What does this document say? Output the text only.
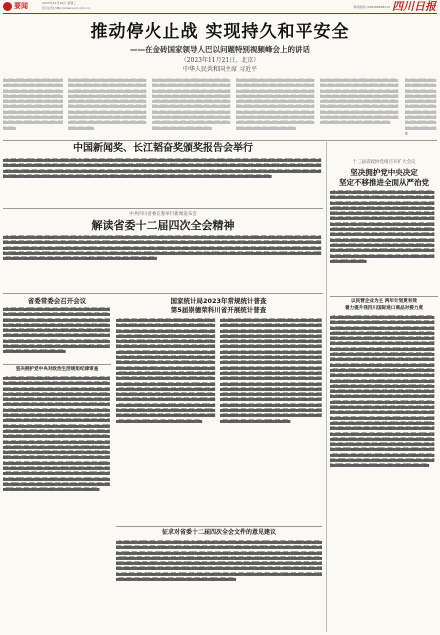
要闻	2023年11月22日 星期三
四川在线 http://www.scol.com.cn	新闻热线:(028)86968110 四川日报
推动停火止战 实现持久和平安全
——在金砖国家领导人巴以问题特别视频峰会上的讲话
（2023年11月21日，北京）
中华人民共和国主席 习近平
▇▆▇▇▆▇▇▇▆▇▇▆▇▇▆▇▇▇▆▇▇▆▇▆▇▇▆▇▇▆▇▇▆▇▇▆▇▇▇▆▇▇▆▇▇▆▇▇▆▇▇▇▆▇▇▆▇▇▆▇▇▆▇▇▇▆▇▇▆▇▇▆▇▇▆▇▇▇▆▇▇▆▇▇▆▇▇▆▇▇▇▆▇▇▆▇▇▆▇▇▆▇▇▇▆▇▇▆▇▇▆▇▇▆▇▇▇▆▇▇▆▇▇▆▇▇▆▇▇▇▆▇▇▆▇▇▆▇▇▆▇▇▇▆▇▇▆▇▇▆▇▇▆▇▇▇▆▇▇▆▇▇▆▇▇▆▇▇▇▆▇▇▆▇▇▆▇▇▆▇▇▇▆▇▇▆▇▇▆▇▇▆▇▇▇▆▇▇▆▇▇▆▇▇▆▇▇▇▆▇▇▆
▇▆▇▇▆▇▇▇▆▇▇▆▇▇▆▇▇▇▆▇▇▆▇▆▇▇▆▇▇▆▇▇▆▇▇▆▇▇▇▆▇▇▆▇▇▆▇▇▆▇▇▇▆▇▇▆▇▇▆▇▇▆▇▇▇▆▇▇▆▇▇▆▇▇▆▇▇▇▆▇▇▆▇▇▆▇▇▆▇▇▇▆▇▇▆▇▇▆▇▇▆▇▇▇▆▇▇▆▇▇▆▇▇▆▇▇▇▆▇▇▆▇▇▆▇▇▆▇▇▇▆▇▇▆▇▇▆▇▇▆▇▇▇▆▇▇▆▇▇▆▇▇▆▇▇▇▆▇▇▆▇▇▆▇▇▆▇▇▇▆▇▇▆▇▇▆▇▇▆▇▇▇▆▇▇▆▇▇▆▇▇▆▇▇▇▆▇▇▆▇▇▆▇▇▆▇▇▇▆▇▇▆▇▇▆▇▇▆▇▇▇▆▇▇▆▇▇▆▇▇▆▇▇▇▆▇▇▆▇▇▆▇▇▆▇▇▇▆▇▇▆▇▇▆▇▇▆▇▇▇▆▇▇▆▇▇▆▇▇▆▇▇▇▆▇▇▆▇▇▆
▇▆▇▇▆▇▇▇▆▇▇▆▇▇▆▇▇▇▆▇▇▆▇▆▇▇▆▇▇▆▇▇▆▇▇▆▇▇▇▆▇▇▆▇▇▆▇▇▆▇▇▇▆▇▇▆▇▇▆▇▇▆▇▇▇▆▇▇▆▇▇▆▇▇▆▇▇▇▆▇▇▆▇▇▆▇▇▆▇▇▇▆▇▇▆▇▇▆▇▇▆▇▇▇▆▇▇▆▇▇▆▇▇▆▇▇▇▆▇▇▆▇▇▆▇▇▆▇▇▇▆▇▇▆▇▇▆▇▇▆▇▇▇▆▇▇▆▇▇▆▇▇▆▇▇▇▆▇▇▆▇▇▆▇▇▆▇▇▇▆▇▇▆▇▇▆▇▇▆▇▇▇▆▇▇▆▇▇▆▇▇▆▇▇▇▆▇▇▆▇▇▆▇▇▆▇▇▇▆▇▇▆▇▇▆▇▇▆▇▇▇▆▇▇▆▇▇▆▇▇▆▇▇▇▆▇▇▆▇▇▆▇▇▆▇▇▇▆▇▇▆▇▇▆▇▇▆▇▇▇▆▇▇▆▇▇▆▇▇▆▇▇▇▆▇▇▆▇▇▆▇▇▆▇▇▇▆▇▇▆▇▇▆
▇▆▇▇▆▇▇▇▆▇▇▆▇▇▆▇▇▇▆▇▇▆▇▆▇▇▆▇▇▆▇▇▆▇▇▆▇▇▇▆▇▇▆▇▇▆▇▇▆▇▇▇▆▇▇▆▇▇▆▇▇▆▇▇▇▆▇▇▆▇▇▆▇▇▆▇▇▇▆▇▇▆▇▇▆▇▇▆▇▇▇▆▇▇▆▇▇▆▇▇▆▇▇▇▆▇▇▆▇▇▆▇▇▆▇▇▇▆▇▇▆▇▇▆▇▇▆▇▇▇▆▇▇▆▇▇▆▇▇▆▇▇▇▆▇▇▆▇▇▆▇▇▆▇▇▇▆▇▇▆▇▇▆▇▇▆▇▇▇▆▇▇▆▇▇▆▇▇▆▇▇▇▆▇▇▆▇▇▆▇▇▆▇▇▇▆▇▇▆▇▇▆▇▇▆▇▇▇▆▇▇▆▇▇▆▇▇▆▇▇▇▆▇▇▆▇▇▆▇▇▆▇▇▇▆▇▇▆▇▇▆▇▇▆▇▇▇▆▇▇▆▇▇▆▇▇▆▇▇▇▆▇▇▆▇▇▆▇▇▆▇▇▇▆▇▇▆▇▇▆▇▇▆▇▇▇▆▇▇▆▇▇▆
▇▆▇▇▆▇▇▇▆▇▇▆▇▇▆▇▇▇▆▇▇▆▇▆▇▇▆▇▇▆▇▇▆▇▇▆▇▇▇▆▇▇▆▇▇▆▇▇▆▇▇▇▆▇▇▆▇▇▆▇▇▆▇▇▇▆▇▇▆▇▇▆▇▇▆▇▇▇▆▇▇▆▇▇▆▇▇▆▇▇▇▆▇▇▆▇▇▆▇▇▆▇▇▇▆▇▇▆▇▇▆▇▇▆▇▇▇▆▇▇▆▇▇▆▇▇▆▇▇▇▆▇▇▆▇▇▆▇▇▆▇▇▇▆▇▇▆▇▇▆▇▇▆▇▇▇▆▇▇▆▇▇▆▇▇▆▇▇▇▆▇▇▆▇▇▆▇▇▆▇▇▇▆▇▇▆▇▇▆▇▇▆▇▇▇▆▇▇▆▇▇▆▇▇▆▇▇▇▆▇▇▆▇▇▆▇▇▆▇▇▇▆▇▇▆▇▇▆▇▇▆▇▇▇▆▇▇▆▇▇▆▇▇▆▇▇▇▆▇▇▆▇▇▆▇▇▆▇▇▇▆▇▇▆▇▇▆
▇▆▇▇▆▇▇▇▆▇▇▆▇▇▆▇▇▇▆▇▇▆▇▆▇▇▆▇▇▆▇▇▆▇▇▆▇▇▇▆▇▇▆▇▇▆▇▇▆▇▇▇▆▇▇▆▇▇▆▇▇▆▇▇▇▆▇▇▆▇▇▆▇▇▆▇▇▇▆▇▇▆▇▇▆▇▇▆▇▇▇▆▇▇▆▇▇▆▇▇▆▇▇▇▆▇▇▆▇▇▆▇▇▆▇▇▇▆▇▇▆
中国新闻奖、长江韬奋奖颁奖报告会举行
▆▇▆▇▇▆▇▇▆▇▇▇▆▇▇▆▇▇▆▇▇▆▇▇▇▆▇▇▆▇▆▇▇▆▇▇▆▇▇▆▇▇▆▇▇▇▆▇▇▆▇▇▆▇▇▆▇▇▇▆▇▇▆▇▇▆▇▇▆▇▇▇▆▇▇▆▇▇▆▇▇▆▇▇▇▆▇▇▆▇▇▆▇▇▆▇▇▇▆▇▇▆▇▇▆▇▇▆▇▇▇▆▇▇▆▇▇▆▇▇▆▇▇▇▆▇▇▆▇▇▆▇▇▆▇▇▇▆▇▇▆▇▇▆▇▇▆▇▇▇▆▇▇▆▇▇▆▇▇▆▇▇▇▆▇▇▆▇▇▆▇▇▆▇▇▇▆▇▇▆▇▇▆▇▇▆▇▇▇▆▇▇▆▇▇▆▇▇▆▇▇▇▆▇▇▆▇▇▆▇▇▆▇▇▇▆▇▇▆▇▇▆▇▇▆▇▇▇▆▇▇▆▇▇▆▇▇▆▇▇▇▆▇▇▆▇▇▆▇▇▆▇▇▇▆▇▇▆▇▇▆▇▇▆▇▇▇▆▇▇▆▇▇▆▇▇▆▇▇▇▆▇▇▆▇▇▆▇▇▆▇▇▇▆▇▇▆▇▇▆▇▇▆▇▇▇▆▇▇▆▇▇▆▇▇▆▇▇▇▆▇▇▆▇▇▆▇▇▆▇▇▇▆▇▇▆▇▇▆▇▇▆▇▇▇▆▇▇▆▇▇▆▇▇▆▇▇▇▆▇▇▆▇▇▆▇▇▆▇▇▇▆▇▇▆▇▇▆▇▇▆▇▇▇▆▇▇▆▇▇▆▇▇▆▇▇▇▆▇▇▆▇▇▆▇▇▆▇▇▇▆▇▇▆▇▇▆▇▇▆▇▇▇▆▇▇▆▇▇▆▇▇▆▇▇▇▆▇▇▆▇▇▆▇▇▆▇▇▇▆▇▇▆▇▇▆▇▇▆▇▇▇▆▇▇▆▇▇▆
中共四川省委在蓉举行新闻发布会
解读省委十二届四次全会精神
▆▇▆▇▇▆▇▇▆▇▇▇▆▇▇▆▇▇▆▇▇▆▇▇▇▆▇▇▆▇▆▇▇▆▇▇▆▇▇▆▇▇▆▇▇▇▆▇▇▆▇▇▆▇▇▆▇▇▇▆▇▇▆▇▇▆▇▇▆▇▇▇▆▇▇▆▇▇▆▇▇▆▇▇▇▆▇▇▆▇▇▆▇▇▆▇▇▇▆▇▇▆▇▇▆▇▇▆▇▇▇▆▇▇▆▇▇▆▇▇▆▇▇▇▆▇▇▆▇▇▆▇▇▆▇▇▇▆▇▇▆▇▇▆▇▇▆▇▇▇▆▇▇▆▇▇▆▇▇▆▇▇▇▆▇▇▆▇▇▆▇▇▆▇▇▇▆▇▇▆▇▇▆▇▇▆▇▇▇▆▇▇▆▇▇▆▇▇▆▇▇▇▆▇▇▆▇▇▆▇▇▆▇▇▇▆▇▇▆▇▇▆▇▇▆▇▇▇▆▇▇▆▇▇▆▇▇▆▇▇▇▆▇▇▆▇▇▆▇▇▆▇▇▇▆▇▇▆▇▇▆▇▇▆▇▇▇▆▇▇▆▇▇▆▇▇▆▇▇▇▆▇▇▆▇▇▆▇▇▆▇▇▇▆▇▇▆▇▇▆▇▇▆▇▇▇▆▇▇▆▇▇▆▇▇▆▇▇▇▆▇▇▆▇▇▆▇▇▆▇▇▇▆▇▇▆▇▇▆▇▇▆▇▇▇▆▇▇▆▇▇▆▇▇▆▇▇▇▆▇▇▆▇▇▆▇▇▆▇▇▇▆▇▇▆▇▇▆▇▇▆▇▇▇▆▇▇▆▇▇▆▇▇▆▇▇▇▆▇▇▆▇▇▆▇▇▆▇▇▇▆▇▇▆▇▇▆▇▇▆▇▇▇▆▇▇▆▇▇▆▇▇▆▇▇▇▆▇▇▆▇▇▆▇▇▆▇▇▇▆▇▇▆▇▇▆▇▇▆▇▇▇▆▇▇▆▇▇▆▇▇▆▇▇▇▆▇▇▆▇▇▆▇▇▆▇▇▇▆▇▇▆▇▇▆▇▇▆▇▇▇▆▇▇▆▇▇▆▇▇▆▇▇▇▆▇▇▆▇▇▆▇▇▆▇▇▇▆▇▇▆▇▇▆▇▇▆▇▇▇▆▇▇▆▇▇▆
十三届省政协党组召开扩大会议
坚决拥护党中央决定
坚定不移推进全面从严治党
▆▇▆▇▇▆▇▇▆▇▇▇▆▇▇▆▇▇▆▇▇▆▇▇▇▆▇▇▆▇▆▇▇▆▇▇▆▇▇▆▇▇▆▇▇▇▆▇▇▆▇▇▆▇▇▆▇▇▇▆▇▇▆▇▇▆▇▇▆▇▇▇▆▇▇▆▇▇▆▇▇▆▇▇▇▆▇▇▆▇▇▆▇▇▆▇▇▇▆▇▇▆▇▇▆▇▇▆▇▇▇▆▇▇▆▇▇▆▇▇▆▇▇▇▆▇▇▆▇▇▆▇▇▆▇▇▇▆▇▇▆▇▇▆▇▇▆▇▇▇▆▇▇▆▇▇▆▇▇▆▇▇▇▆▇▇▆▇▇▆▇▇▆▇▇▇▆▇▇▆▇▇▆▇▇▆▇▇▇▆▇▇▆▇▇▆▇▇▆▇▇▇▆▇▇▆▇▇▆▇▇▆▇▇▇▆▇▇▆▇▇▆▇▇▆▇▇▇▆▇▇▆▇▇▆▇▇▆▇▇▇▆▇▇▆▇▇▆▇▇▆▇▇▇▆▇▇▆▇▇▆▇▇▆▇▇▇▆▇▇▆▇▇▆▇▇▆▇▇▇▆▇▇▆▇▇▆▇▇▆▇▇▇▆▇▇▆▇▇▆▇▇▆▇▇▇▆▇▇▆▇▇▆▇▇▆▇▇▇▆▇▇▆▇▇▆▇▇▆▇▇▇▆▇▇▆▇▇▆▇▇▆▇▇▇▆▇▇▆▇▇▆▇▇▆▇▇▇▆▇▇▆▇▇▆▇▇▆▇▇▇▆▇▇▆▇▇▆▇▇▆▇▇▇▆▇▇▆▇▇▆▇▇▆▇▇▇▆▇▇▆▇▇▆▇▇▆▇▇▇▆▇▇▆▇▇▆▇▇▆▇▇▇▆▇▇▆▇▇▆▇▇▆▇▇▇▆▇▇▆▇▇▆▇▇▆▇▇▇▆▇▇▆▇▇▆▇▇▆▇▇▇▆▇▇▆▇▇▆▇▇▆▇▇▇▆▇▇▆▇▇▆▇▇▆▇▇▇▆▇▇▆▇▇▆▇▇▆▇▇▇▆▇▇▆▇▇▆▇▇▆▇▇▇▆▇▇▆▇▇▆▇▇▆▇▇▇▆▇▇▆▇▇▆
省委常委会召开会议
▆▇▆▇▇▆▇▇▆▇▇▇▆▇▇▆▇▇▆▇▇▆▇▇▇▆▇▇▆▇▆▇▇▆▇▇▆▇▇▆▇▇▆▇▇▇▆▇▇▆▇▇▆▇▇▆▇▇▇▆▇▇▆▇▇▆▇▇▆▇▇▇▆▇▇▆▇▇▆▇▇▆▇▇▇▆▇▇▆▇▇▆▇▇▆▇▇▇▆▇▇▆▇▇▆▇▇▆▇▇▇▆▇▇▆▇▇▆▇▇▆▇▇▇▆▇▇▆▇▇▆▇▇▆▇▇▇▆▇▇▆▇▇▆▇▇▆▇▇▇▆▇▇▆▇▇▆▇▇▆▇▇▇▆▇▇▆▇▇▆▇▇▆▇▇▇▆▇▇▆▇▇▆▇▇▆▇▇▇▆▇▇▆▇▇▆▇▇▆▇▇▇▆▇▇▆▇▇▆▇▇▆▇▇▇▆▇▇▆▇▇▆▇▇▆▇▇▇▆▇▇▆▇▇▆▇▇▆▇▇▇▆▇▇▆▇▇▆▇▇▆▇▇▇▆▇▇▆▇▇▆▇▇▆▇▇▇▆▇▇▆▇▇▆▇▇▆▇▇▇▆▇▇▆▇▇▆▇▇▆▇▇▇▆▇▇▆▇▇▆▇▇▆▇▇▇▆▇▇▆▇▇▆▇▇▆▇▇▇▆▇▇▆▇▇▆▇▇▆▇▇▇▆▇▇▆▇▇▆▇▇▆▇▇▇▆▇▇▆▇▇▆
国家统计局2023年常规统计普查
第5届崇德荣科川省开展统计普查
▆▇▆▇▇▆▇▇▆▇▇▇▆▇▇▆▇▇▆▇▇▆▇▇▇▆▇▇▆▇▆▇▇▆▇▇▆▇▇▆▇▇▆▇▇▇▆▇▇▆▇▇▆▇▇▆▇▇▇▆▇▇▆▇▇▆▇▇▆▇▇▇▆▇▇▆▇▇▆▇▇▆▇▇▇▆▇▇▆▇▇▆▇▇▆▇▇▇▆▇▇▆▇▇▆▇▇▆▇▇▇▆▇▇▆▇▇▆▇▇▆▇▇▇▆▇▇▆▇▇▆▇▇▆▇▇▇▆▇▇▆▇▇▆▇▇▆▇▇▇▆▇▇▆▇▇▆▇▇▆▇▇▇▆▇▇▆▇▇▆▇▇▆▇▇▇▆▇▇▆▇▇▆▇▇▆▇▇▇▆▇▇▆▇▇▆▇▇▆▇▇▇▆▇▇▆▇▇▆▇▇▆▇▇▇▆▇▇▆▇▇▆▇▇▆▇▇▇▆▇▇▆▇▇▆▇▇▆▇▇▇▆▇▇▆▇▇▆▇▇▆▇▇▇▆▇▇▆▇▇▆▇▇▆▇▇▇▆▇▇▆▇▇▆▇▇▆▇▇▇▆▇▇▆▇▇▆▇▇▆▇▇▇▆▇▇▆▇▇▆▇▇▆▇▇▇▆▇▇▆▇▇▆▇▇▆▇▇▇▆▇▇▆▇▇▆▇▇▆▇▇▇▆▇▇▆▇▇▆▇▇▆▇▇▇▆▇▇▆▇▇▆▇▇▆▇▇▇▆▇▇▆▇▇▆▇▇▆▇▇▇▆▇▇▆▇▇▆▇▇▆▇▇▇▆▇▇▆▇▇▆▇▇▆▇▇▇▆▇▇▆▇▇▆▇▇▆▇▇▇▆▇▇▆▇▇▆▇▇▆▇▇▇▆▇▇▆▇▇▆▇▇▆▇▇▇▆▇▇▆▇▇▆▇▇▆▇▇▇▆▇▇▆▇▇▆▇▇▆▇▇▇▆▇▇▆▇▇▆▇▇▆▇▇▇▆▇▇▆▇▇▆▇▇▆▇▇▇▆▇▇▆▇▇▆▇▇▆▇▇▇▆▇▇▆▇▇▆▇▇▆▇▇▇▆▇▇▆▇▇▆▇▇▆▇▇▇▆▇▇▆▇▇▆▇▇▆▇▇▇▆▇▇▆▇▇▆▇▇▆▇▇▇▆▇▇▆▇▇▆▇▇▆▇▇▇▆▇▇▆▇▇▆▇▇▆▇▇▇▆▇▇▆▇▇▆▇▇▆▇▇▇▆▇▇▆▇▇▆▇▇▆▇▇▇▆▇▇▆▇▇▆▇▇▆▇▇▇▆▇▇▆▇▇▆▇▇▆▇▇▇▆▇▇▆▇▇▆▇▇▆▇▇▇▆▇▇▆▇▇▆▇▇▆▇▇▇▆▇▇▆▇▇▆▇▇▆▇▇▇▆▇▇▆▇▇▆▇▇▆▇▇▇▆▇▇▆▇▇▆▇▇▆▇▇▇▆▇▇▆▇▇▆▇▇▆▇▇▇▆▇▇▆▇▇▆▇▇▆▇▇▇▆▇▇▆▇▇▆▇▇▆▇▇▇▆▇▇▆▇▇▆▇▇▆▇▇▇▆▇▇▆▇▇▆
▆▇▆▇▇▆▇▇▆▇▇▇▆▇▇▆▇▇▆▇▇▆▇▇▇▆▇▇▆▇▆▇▇▆▇▇▆▇▇▆▇▇▆▇▇▇▆▇▇▆▇▇▆▇▇▆▇▇▇▆▇▇▆▇▇▆▇▇▆▇▇▇▆▇▇▆▇▇▆▇▇▆▇▇▇▆▇▇▆▇▇▆▇▇▆▇▇▇▆▇▇▆▇▇▆▇▇▆▇▇▇▆▇▇▆▇▇▆▇▇▆▇▇▇▆▇▇▆▇▇▆▇▇▆▇▇▇▆▇▇▆▇▇▆▇▇▆▇▇▇▆▇▇▆▇▇▆▇▇▆▇▇▇▆▇▇▆▇▇▆▇▇▆▇▇▇▆▇▇▆▇▇▆▇▇▆▇▇▇▆▇▇▆▇▇▆▇▇▆▇▇▇▆▇▇▆▇▇▆▇▇▆▇▇▇▆▇▇▆▇▇▆▇▇▆▇▇▇▆▇▇▆▇▇▆▇▇▆▇▇▇▆▇▇▆▇▇▆▇▇▆▇▇▇▆▇▇▆▇▇▆▇▇▆▇▇▇▆▇▇▆▇▇▆▇▇▆▇▇▇▆▇▇▆▇▇▆▇▇▆▇▇▇▆▇▇▆▇▇▆▇▇▆▇▇▇▆▇▇▆▇▇▆▇▇▆▇▇▇▆▇▇▆▇▇▆▇▇▆▇▇▇▆▇▇▆▇▇▆▇▇▆▇▇▇▆▇▇▆▇▇▆▇▇▆▇▇▇▆▇▇▆▇▇▆▇▇▆▇▇▇▆▇▇▆▇▇▆▇▇▆▇▇▇▆▇▇▆▇▇▆▇▇▆▇▇▇▆▇▇▆▇▇▆▇▇▆▇▇▇▆▇▇▆▇▇▆▇▇▆▇▇▇▆▇▇▆▇▇▆▇▇▆▇▇▇▆▇▇▆▇▇▆▇▇▆▇▇▇▆▇▇▆▇▇▆▇▇▆▇▇▇▆▇▇▆▇▇▆▇▇▆▇▇▇▆▇▇▆▇▇▆▇▇▆▇▇▇▆▇▇▆▇▇▆▇▇▆▇▇▇▆▇▇▆▇▇▆▇▇▆▇▇▇▆▇▇▆▇▇▆▇▇▆▇▇▇▆▇▇▆▇▇▆▇▇▆▇▇▇▆▇▇▆▇▇▆▇▇▆▇▇▇▆▇▇▆▇▇▆▇▇▆▇▇▇▆▇▇▆▇▇▆▇▇▆▇▇▇▆▇▇▆▇▇▆▇▇▆▇▇▇▆▇▇▆▇▇▆▇▇▆▇▇▇▆▇▇▆▇▇▆▇▇▆▇▇▇▆▇▇▆▇▇▆▇▇▆▇▇▇▆▇▇▆▇▇▆▇▇▆▇▇▇▆▇▇▆▇▇▆▇▇▆▇▇▇▆▇▇▆▇▇▆▇▇▆▇▇▇▆▇▇▆▇▇▆▇▇▆▇▇▇▆▇▇▆▇▇▆▇▇▆▇▇▇▆▇▇▆▇▇▆▇▇▆▇▇▇▆▇▇▆▇▇▆▇▇▆▇▇▇▆▇▇▆▇▇▆▇▇▆▇▇▇▆▇▇▆▇▇▆▇▇▆▇▇▇▆▇▇▆▇▇▆▇▇▆▇▇▇▆▇▇▆▇▇▆
以民营企业为主 两年计划更有效
着力提升我四川国际进口商品对接力度
▆▇▆▇▇▆▇▇▆▇▇▇▆▇▇▆▇▇▆▇▇▆▇▇▇▆▇▇▆▇▆▇▇▆▇▇▆▇▇▆▇▇▆▇▇▇▆▇▇▆▇▇▆▇▇▆▇▇▇▆▇▇▆▇▇▆▇▇▆▇▇▇▆▇▇▆▇▇▆▇▇▆▇▇▇▆▇▇▆▇▇▆▇▇▆▇▇▇▆▇▇▆▇▇▆▇▇▆▇▇▇▆▇▇▆▇▇▆▇▇▆▇▇▇▆▇▇▆▇▇▆▇▇▆▇▇▇▆▇▇▆▇▇▆▇▇▆▇▇▇▆▇▇▆▇▇▆▇▇▆▇▇▇▆▇▇▆▇▇▆▇▇▆▇▇▇▆▇▇▆▇▇▆▇▇▆▇▇▇▆▇▇▆▇▇▆▇▇▆▇▇▇▆▇▇▆▇▇▆▇▇▆▇▇▇▆▇▇▆▇▇▆▇▇▆▇▇▇▆▇▇▆▇▇▆▇▇▆▇▇▇▆▇▇▆▇▇▆▇▇▆▇▇▇▆▇▇▆▇▇▆▇▇▆▇▇▇▆▇▇▆▇▇▆▇▇▆▇▇▇▆▇▇▆▇▇▆▇▇▆▇▇▇▆▇▇▆▇▇▆▇▇▆▇▇▇▆▇▇▆▇▇▆▇▇▆▇▇▇▆▇▇▆▇▇▆▇▇▆▇▇▇▆▇▇▆▇▇▆▇▇▆▇▇▇▆▇▇▆▇▇▆▇▇▆▇▇▇▆▇▇▆▇▇▆▇▇▆▇▇▇▆▇▇▆▇▇▆▇▇▆▇▇▇▆▇▇▆▇▇▆▇▇▆▇▇▇▆▇▇▆▇▇▆▇▇▆▇▇▇▆▇▇▆▇▇▆▇▇▆▇▇▇▆▇▇▆▇▇▆▇▇▆▇▇▇▆▇▇▆▇▇▆▇▇▆▇▇▇▆▇▇▆▇▇▆▇▇▆▇▇▇▆▇▇▆▇▇▆▇▇▆▇▇▇▆▇▇▆▇▇▆▇▇▆▇▇▇▆▇▇▆▇▇▆▇▇▆▇▇▇▆▇▇▆▇▇▆▇▇▆▇▇▇▆▇▇▆▇▇▆▇▇▆▇▇▇▆▇▇▆▇▇▆▇▇▆▇▇▇▆▇▇▆▇▇▆▇▇▆▇▇▇▆▇▇▆▇▇▆▇▇▆▇▇▇▆▇▇▆▇▇▆▇▇▆▇▇▇▆▇▇▆▇▇▆▇▇▆▇▇▇▆▇▇▆▇▇▆▇▇▆▇▇▇▆▇▇▆▇▇▆▇▇▆▇▇▇▆▇▇▆▇▇▆▇▇▆▇▇▇▆▇▇▆▇▇▆▇▇▆▇▇▇▆▇▇▆▇▇▆▇▇▆▇▇▇▆▇▇▆▇▇▆▇▇▆▇▇▇▆▇▇▆▇▇▆▇▇▆▇▇▇▆▇▇▆▇▇▆▇▇▆▇▇▇▆▇▇▆▇▇▆▇▇▆▇▇▇▆▇▇▆▇▇▆▇▇▆▇▇▇▆▇▇▆▇▇▆▇▇▆▇▇▇▆▇▇▆▇▇▆▇▇▆▇▇▇▆▇▇▆▇▇▆▇▇▆▇▇▇▆▇▇▆▇▇▆▇▇▆▇▇▇▆▇▇▆▇▇▆▇▇▆▇▇▇▆▇▇▆▇▇▆▇▇▆▇▇▇▆▇▇▆▇▇▆▇▇▆▇▇▇▆▇▇▆▇▇▆▇▇▆▇▇▇▆▇▇▆▇▇▆▇▇▆▇▇▇▆▇▇▆▇▇▆▇▇▆▇▇▇▆▇▇▆▇▇▆▇▇▆▇▇▇▆▇▇▆▇▇▆▇▇▆▇▇▇▆▇▇▆▇▇▆▇▇▆▇▇▇▆▇▇▆▇▇▆▇▇▆▇▇▇▆▇▇▆▇▇▆▇▇▆▇▇▇▆▇▇▆▇▇▆▇▇▆▇▇▇▆▇▇▆▇▇▆▇▇▆▇▇▇▆▇▇▆▇▇▆▇▇▆▇▇▇▆▇▇▆▇▇▆▇▇▆▇▇▇▆▇▇▆▇▇▆▇▇▆▇▇▇▆▇▇▆▇▇▆▇▇▆▇▇▇▆▇▇▆▇▇▆▇▇▆▇▇▇▆▇▇▆▇▇▆▇▇▆▇▇▇▆▇▇▆▇▇▆▇▇▆▇▇▇▆▇▇▆▇▇▆▇▇▆▇▇▇▆▇▇▆▇▇▆▇▇▆▇▇▇▆▇▇▆▇▇▆▇▇▆▇▇▇▆▇▇▆▇▇▆▇▇▆▇▇▇▆▇▇▆▇▇▆▇▇▆▇▇▇▆▇▇▆▇▇▆▇▇▆▇▇▇▆▇▇▆▇▇▆▇▇▆▇▇▇▆▇▇▆▇▇▆▇▇▆▇▇▇▆▇▇▆▇▇▆▇▇▆▇▇▇▆▇▇▆▇▇▆
坚决拥护党中央对政治生活规矩纪律审查
▆▇▆▇▇▆▇▇▆▇▇▇▆▇▇▆▇▇▆▇▇▆▇▇▇▆▇▇▆▇▆▇▇▆▇▇▆▇▇▆▇▇▆▇▇▇▆▇▇▆▇▇▆▇▇▆▇▇▇▆▇▇▆▇▇▆▇▇▆▇▇▇▆▇▇▆▇▇▆▇▇▆▇▇▇▆▇▇▆▇▇▆▇▇▆▇▇▇▆▇▇▆▇▇▆▇▇▆▇▇▇▆▇▇▆▇▇▆▇▇▆▇▇▇▆▇▇▆▇▇▆▇▇▆▇▇▇▆▇▇▆▇▇▆▇▇▆▇▇▇▆▇▇▆▇▇▆▇▇▆▇▇▇▆▇▇▆▇▇▆▇▇▆▇▇▇▆▇▇▆▇▇▆▇▇▆▇▇▇▆▇▇▆▇▇▆▇▇▆▇▇▇▆▇▇▆▇▇▆▇▇▆▇▇▇▆▇▇▆▇▇▆▇▇▆▇▇▇▆▇▇▆▇▇▆▇▇▆▇▇▇▆▇▇▆▇▇▆▇▇▆▇▇▇▆▇▇▆▇▇▆▇▇▆▇▇▇▆▇▇▆▇▇▆▇▇▆▇▇▇▆▇▇▆▇▇▆▇▇▆▇▇▇▆▇▇▆▇▇▆▇▇▆▇▇▇▆▇▇▆▇▇▆▇▇▆▇▇▇▆▇▇▆▇▇▆▇▇▆▇▇▇▆▇▇▆▇▇▆▇▇▆▇▇▇▆▇▇▆▇▇▆▇▇▆▇▇▇▆▇▇▆▇▇▆▇▇▆▇▇▇▆▇▇▆▇▇▆▇▇▆▇▇▇▆▇▇▆▇▇▆▇▇▆▇▇▇▆▇▇▆▇▇▆▇▇▆▇▇▇▆▇▇▆▇▇▆▇▇▆▇▇▇▆▇▇▆▇▇▆▇▇▆▇▇▇▆▇▇▆▇▇▆▇▇▆▇▇▇▆▇▇▆▇▇▆▇▇▆▇▇▇▆▇▇▆▇▇▆▇▇▆▇▇▇▆▇▇▆▇▇▆▇▇▆▇▇▇▆▇▇▆▇▇▆▇▇▆▇▇▇▆▇▇▆▇▇▆▇▇▆▇▇▇▆▇▇▆▇▇▆▇▇▆▇▇▇▆▇▇▆▇▇▆▇▇▆▇▇▇▆▇▇▆▇▇▆▇▇▆▇▇▇▆▇▇▆▇▇▆▇▇▆▇▇▇▆▇▇▆▇▇▆▇▇▆▇▇▇▆▇▇▆▇▇▆▇▇▆▇▇▇▆▇▇▆▇▇▆▇▇▆▇▇▇▆▇▇▆▇▇▆▇▇▆▇▇▇▆▇▇▆▇▇▆▇▇▆▇▇▇▆▇▇▆▇▇▆▇▇▆▇▇▇▆▇▇▆▇▇▆▇▇▆▇▇▇▆▇▇▆▇▇▆▇▇▆▇▇▇▆▇▇▆▇▇▆▇▇▆▇▇▇▆▇▇▆▇▇▆▇▇▆▇▇▇▆▇▇▆▇▇▆▇▇▆▇▇▇▆▇▇▆▇▇▆▇▇▆▇▇▇▆▇▇▆▇▇▆▇▇▆▇▇▇▆▇▇▆▇▇▆▇▇▆▇▇▇▆▇▇▆▇▇▆▇▇▆▇▇▇▆▇▇▆▇▇▆▇▇▆▇▇▇▆▇▇▆▇▇▆▇▇▆▇▇▇▆▇▇▆▇▇▆▇▇▆▇▇▇▆▇▇▆▇▇▆▇▇▆▇▇▇▆▇▇▆▇▇▆▇▇▆▇▇▇▆▇▇▆▇▇▆▇▇▆▇▇▇▆▇▇▆▇▇▆▇▇▆▇▇▇▆▇▇▆▇▇▆▇▇▆▇▇▇▆▇▇▆▇▇▆▇▇▆▇▇▇▆▇▇▆▇▇▆▇▇▆▇▇▇▆▇▇▆▇▇▆
征求对省委十二届四次全会文件的意见建议
▆▇▆▇▇▆▇▇▆▇▇▇▆▇▇▆▇▇▆▇▇▆▇▇▇▆▇▇▆▇▆▇▇▆▇▇▆▇▇▆▇▇▆▇▇▇▆▇▇▆▇▇▆▇▇▆▇▇▇▆▇▇▆▇▇▆▇▇▆▇▇▇▆▇▇▆▇▇▆▇▇▆▇▇▇▆▇▇▆▇▇▆▇▇▆▇▇▇▆▇▇▆▇▇▆▇▇▆▇▇▇▆▇▇▆▇▇▆▇▇▆▇▇▇▆▇▇▆▇▇▆▇▇▆▇▇▇▆▇▇▆▇▇▆▇▇▆▇▇▇▆▇▇▆▇▇▆▇▇▆▇▇▇▆▇▇▆▇▇▆▇▇▆▇▇▇▆▇▇▆▇▇▆▇▇▆▇▇▇▆▇▇▆▇▇▆▇▇▆▇▇▇▆▇▇▆▇▇▆▇▇▆▇▇▇▆▇▇▆▇▇▆▇▇▆▇▇▇▆▇▇▆▇▇▆▇▇▆▇▇▇▆▇▇▆▇▇▆▇▇▆▇▇▇▆▇▇▆▇▇▆▇▇▆▇▇▇▆▇▇▆▇▇▆▇▇▆▇▇▇▆▇▇▆▇▇▆▇▇▆▇▇▇▆▇▇▆▇▇▆▇▇▆▇▇▇▆▇▇▆▇▇▆▇▇▆▇▇▇▆▇▇▆▇▇▆▇▇▆▇▇▇▆▇▇▆▇▇▆▇▇▆▇▇▇▆▇▇▆▇▇▆▇▇▆▇▇▇▆▇▇▆▇▇▆▇▇▆▇▇▇▆▇▇▆▇▇▆▇▇▆▇▇▇▆▇▇▆▇▇▆▇▇▆▇▇▇▆▇▇▆▇▇▆▇▇▆▇▇▇▆▇▇▆▇▇▆▇▇▆▇▇▇▆▇▇▆▇▇▆▇▇▆▇▇▇▆▇▇▆▇▇▆▇▇▆▇▇▇▆▇▇▆▇▇▆▇▇▆▇▇▇▆▇▇▆▇▇▆▇▇▆▇▇▇▆▇▇▆▇▇▆▇▇▆▇▇▇▆▇▇▆▇▇▆▇▇▆▇▇▇▆▇▇▆▇▇▆▇▇▆▇▇▇▆▇▇▆▇▇▆▇▇▆▇▇▇▆▇▇▆▇▇▆▇▇▆▇▇▇▆▇▇▆▇▇▆▇▇▆▇▇▇▆▇▇▆▇▇▆▇▇▆▇▇▇▆▇▇▆▇▇▆▇▇▆▇▇▇▆▇▇▆▇▇▆▇▇▆▇▇▇▆▇▇▆▇▇▆
